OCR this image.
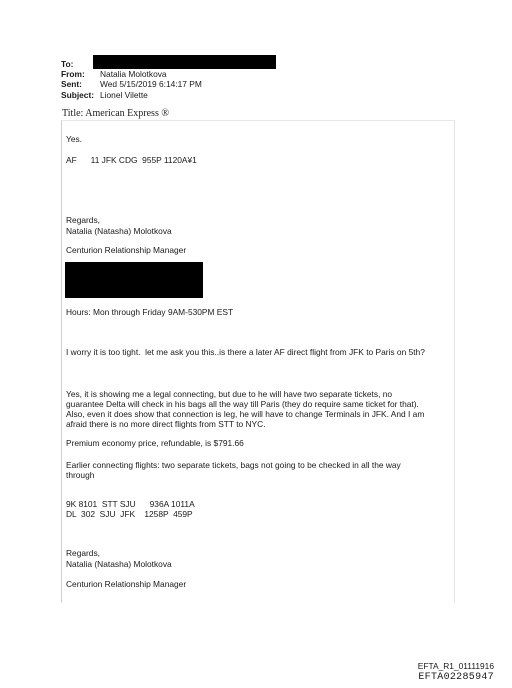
To:
From:	Natalia Molotkova
Sent:	Wed 5/15/2019 6:14:17 PM
Subject: Lionel Vilette
Title: American Express ®
Yes.
AF      11 JFK CDG  955P 1120A¥1
Regards,
Natalia (Natasha) Molotkova
Centurion Relationship Manager
Hours: Mon through Friday 9AM-530PM EST
I worry it is too tight.  let me ask you this..is there a later AF direct flight from JFK to Paris on 5th?
Yes, it is showing me a legal connecting, but due to he will have two separate tickets, no
guarantee Delta will check in his bags all the way till Paris (they do require same ticket for that).
Also, even it does show that connection is leg, he will have to change Terminals in JFK. And I am
afraid there is no more direct flights from STT to NYC.
Premium economy price, refundable, is $791.66
Earlier connecting flights: two separate tickets, bags not going to be checked in all the way
through
9K 8101  STT SJU      936A 1011A
DL  302  SJU  JFK    1258P  459P
Regards,
Natalia (Natasha) Molotkova
Centurion Relationship Manager
EFTA_R1_01111916
EFTA02285947
